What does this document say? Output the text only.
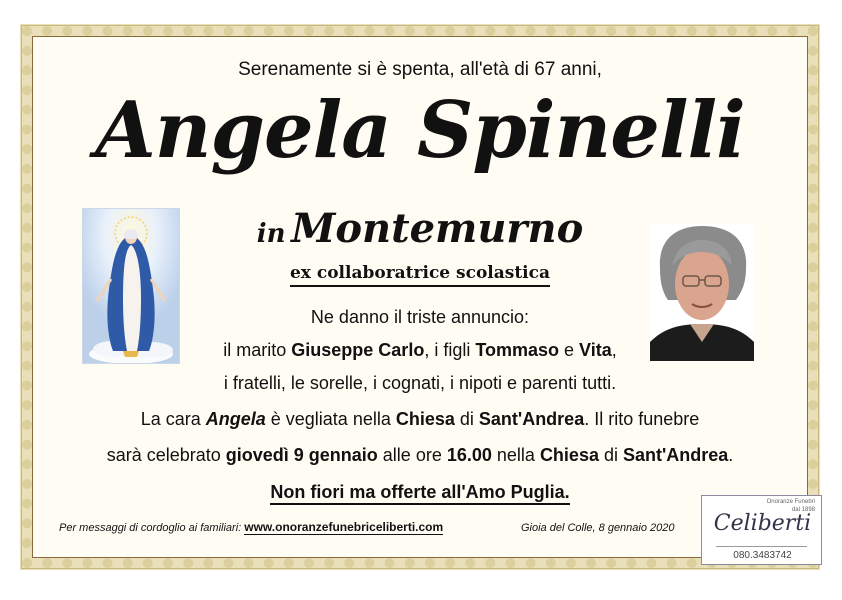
Serenamente si è spenta, all'età di 67 anni,
Angela Spinelli
in Montemurno
ex collaboratrice scolastica
Ne danno il triste annuncio:
il marito Giuseppe Carlo, i figli Tommaso e Vita,
i fratelli, le sorelle, i cognati, i nipoti e parenti tutti.
La cara Angela è vegliata nella Chiesa di Sant'Andrea. Il rito funebre
sarà celebrato giovedì 9 gennaio alle ore 16.00 nella Chiesa di Sant'Andrea.
Non fiori ma offerte all'Amo Puglia.
Per messaggi di cordoglio ai familiari: www.onoranzefunebriceliberti.com	Gioia del Colle, 8 gennaio 2020
Onoranze Funebri
dal 1898
Celiberti
080.3483742
